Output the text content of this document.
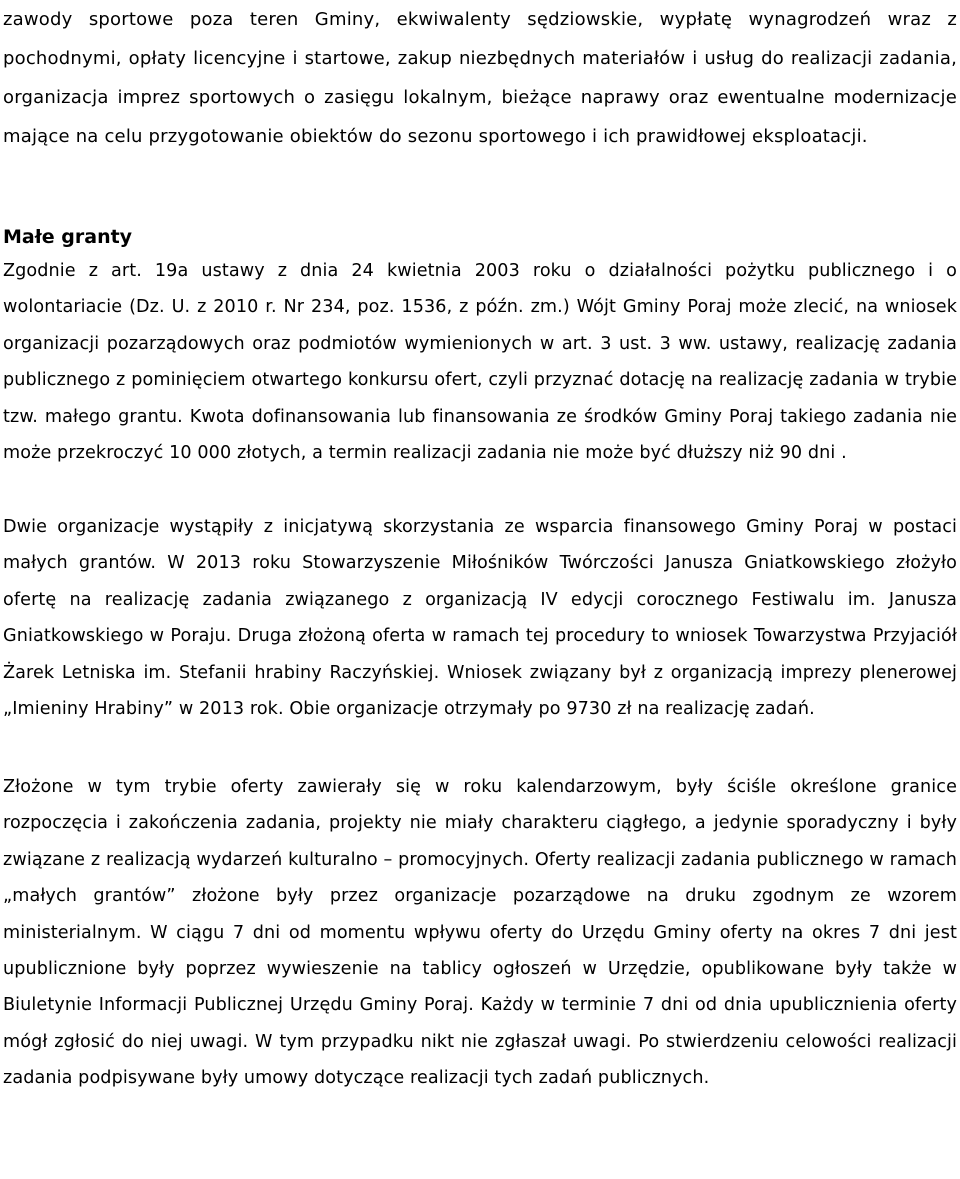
zawody sportowe poza teren Gminy, ekwiwalenty sędziowskie, wypłatę wynagrodzeń wraz z pochodnymi, opłaty licencyjne i startowe, zakup niezbędnych materiałów i usług do realizacji zadania, organizacja imprez sportowych o zasięgu lokalnym, bieżące naprawy oraz ewentualne modernizacje mające na celu przygotowanie obiektów do sezonu sportowego i ich prawidłowej eksploatacji.

Małe granty

Zgodnie z art. 19a ustawy z dnia 24 kwietnia 2003 roku o działalności pożytku publicznego i o wolontariacie (Dz. U. z 2010 r. Nr 234, poz. 1536, z późn. zm.) Wójt Gminy Poraj może zlecić, na wniosek organizacji pozarządowych oraz podmiotów wymienionych w art. 3 ust. 3 ww. ustawy, realizację zadania publicznego z pominięciem otwartego konkursu ofert, czyli przyznać dotację na realizację zadania w trybie tzw. małego grantu. Kwota dofinansowania lub finansowania ze środków Gminy Poraj takiego zadania nie może przekroczyć 10 000 złotych, a termin realizacji zadania nie może być dłuższy niż 90 dni .

Dwie organizacje wystąpiły z inicjatywą skorzystania ze wsparcia finansowego Gminy Poraj w postaci małych grantów. W 2013 roku Stowarzyszenie Miłośników Twórczości Janusza Gniatkowskiego złożyło ofertę na realizację zadania związanego z organizacją IV edycji corocznego Festiwalu im. Janusza Gniatkowskiego w Poraju. Druga złożoną oferta w ramach tej procedury to wniosek Towarzystwa Przyjaciół Żarek Letniska im. Stefanii hrabiny Raczyńskiej. Wniosek związany był z organizacją imprezy plenerowej „Imieniny Hrabiny” w 2013 rok. Obie organizacje otrzymały po 9730 zł na realizację zadań.

Złożone w tym trybie oferty zawierały się w roku kalendarzowym, były ściśle określone granice rozpoczęcia i zakończenia zadania, projekty nie miały charakteru ciągłego, a jedynie sporadyczny i były związane z realizacją wydarzeń kulturalno – promocyjnych. Oferty realizacji zadania publicznego w ramach „małych grantów” złożone były przez organizacje pozarządowe na druku zgodnym ze wzorem ministerialnym. W ciągu 7 dni od momentu wpływu oferty do Urzędu Gminy oferty na okres 7 dni jest upublicznione były poprzez wywieszenie na tablicy ogłoszeń w Urzędzie, opublikowane były także w Biuletynie Informacji Publicznej Urzędu Gminy Poraj. Każdy w terminie 7 dni od dnia upublicznienia oferty mógł zgłosić do niej uwagi. W tym przypadku nikt nie zgłaszał uwagi. Po stwierdzeniu celowości realizacji zadania podpisywane były umowy dotyczące realizacji tych zadań publicznych.
